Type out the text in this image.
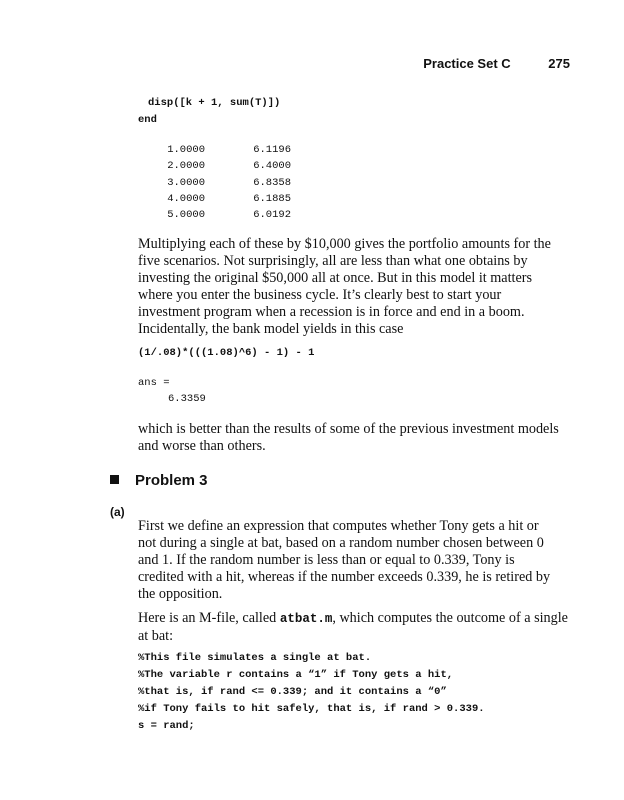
Practice Set C	275
disp([k + 1, sum(T)])
end
1.0000	6.1196
2.0000	6.4000
3.0000	6.8358
4.0000	6.1885
5.0000	6.0192
Multiplying each of these by $10,000 gives the portfolio amounts for the
five scenarios. Not surprisingly, all are less than what one obtains by
investing the original $50,000 all at once. But in this model it matters
where you enter the business cycle. It’s clearly best to start your
investment program when a recession is in force and end in a boom.
Incidentally, the bank model yields in this case
(1/.08)*(((1.08)^6) - 1) - 1
ans =
6.3359
which is better than the results of some of the previous investment models
and worse than others.
Problem 3
(a)
First we define an expression that computes whether Tony gets a hit or
not during a single at bat, based on a random number chosen between 0
and 1. If the random number is less than or equal to 0.339, Tony is
credited with a hit, whereas if the number exceeds 0.339, he is retired by
the opposition.
Here is an M-file, called atbat.m, which computes the outcome of a single
at bat:
%This file simulates a single at bat.
%The variable r contains a “1” if Tony gets a hit,
%that is, if rand <= 0.339; and it contains a “0”
%if Tony fails to hit safely, that is, if rand > 0.339.
s = rand;
